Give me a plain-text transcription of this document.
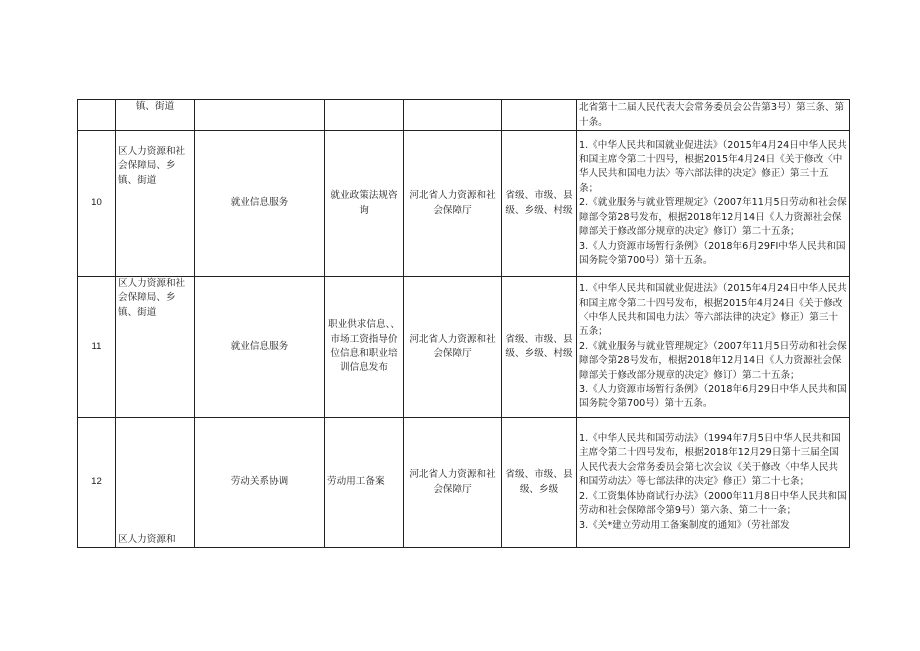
	镇、街道					北省第十二届人民代表大会常务委员会公告第3号）第三条、第十条。

10	区人力资源和社会保障局、乡镇、街道	就业信息服务	就业政策法规咨询	河北省人力资源和社会保障厅	省级、市级、县级、乡级、村级	1.《中华人民共和国就业促进法》（2015年4月24日中华人民共和国主席令第二十四号，根据2015年4月24日《关于修改〈中华人民共和国电力法〉等六部法律的决定》修正）第三十五条；
2.《就业服务与就业管理规定》（2007年11月5日劳动和社会保障部令第28号发布，根据2018年12月14日《人力资源社会保障部关于修改部分规章的决定》修订）第二十五条；
3.《人力资源市场暂行条例》（2018年6月29FI中华人民共和国国务院令第700号）第十五条。

11	区人力资源和社会保障局、乡镇、街道	就业信息服务	职业供求信息、、市场工资指导价位信息和职业培训信息发布	河北省人力资源和社会保障厅	省级、市级、县级、乡级、村级	1.《中华人民共和国就业促进法》（2015年4月24日中华人民共和国主席令第二十四号发布，根据2015年4月24日《关于修改〈中华人民共和国电力法〉等六部法律的决定》修正）第三十五条；
2.《就业服务与就业管理规定》（2007年11月5日劳动和社会保障部令第28号发布，根据2018年12月14日《人力资源社会保障部关于修改部分规章的决定》修订）第二十五条；
3.《人力资源市场暂行条例》（2018年6月29日中华人民共和国国务院令第700号）第十五条。

12	区人力资源和	劳动关系协调	劳动用工备案	河北省人力资源和社会保障厅	省级、市级、县级、乡级	1.《中华人民共和国劳动法》（1994年7月5日中华人民共和国主席令第二十四号发布，根据2018年12月29日第十三届全国人民代表大会常务委员会第七次会议《关于修改〈中华人民共和国劳动法〉等七部法律的决定》修正）第二十七条；
2.《工资集体协商试行办法》（2000年11月8日中华人民共和国劳动和社会保障部令第9号）第六条、第二十一条；
3.《关*建立劳动用工备案制度的通知》（劳社部发
